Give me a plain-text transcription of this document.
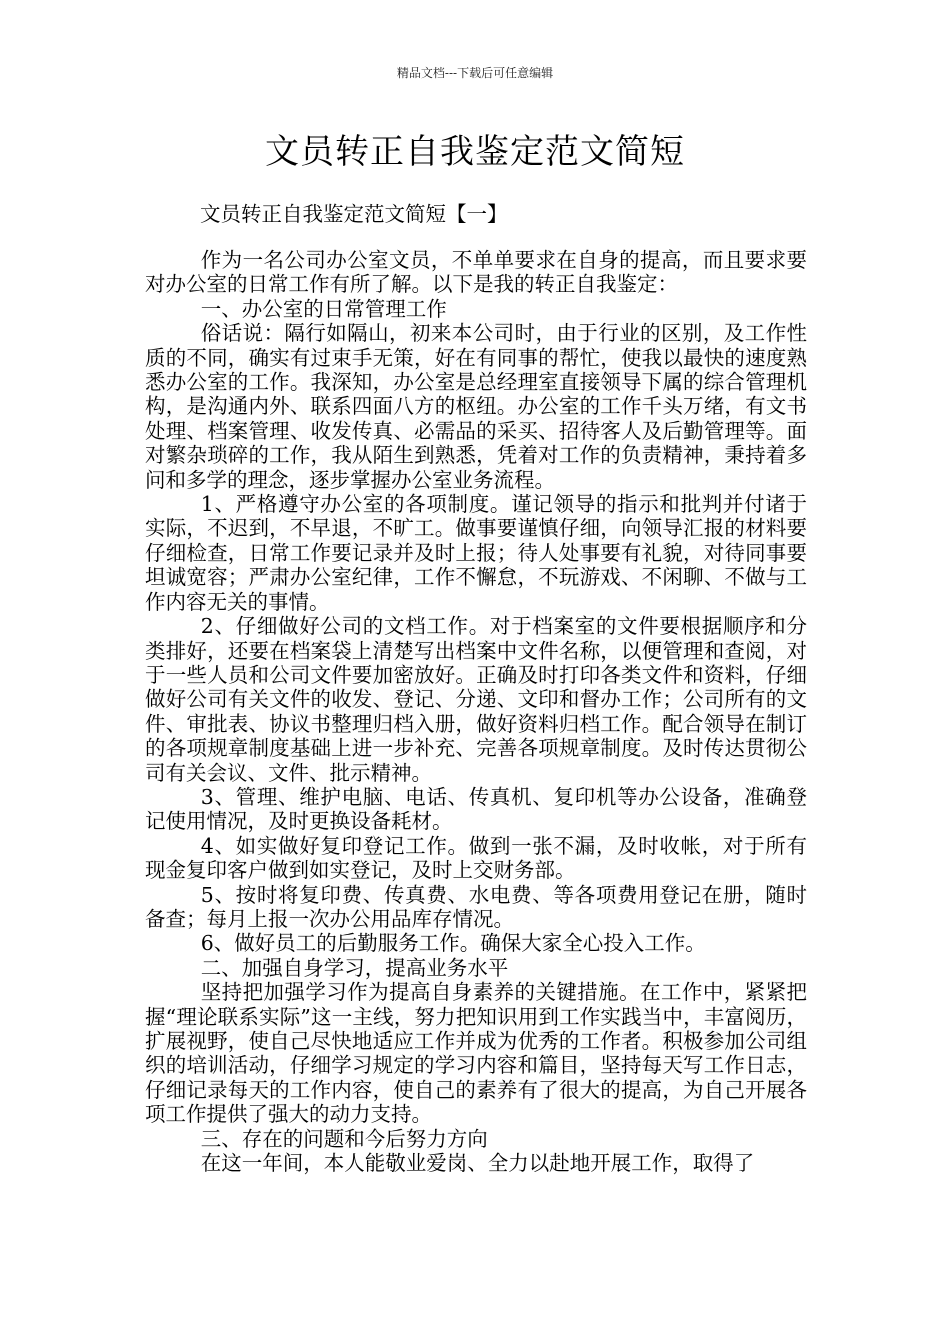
精品文档---下载后可任意编辑
文员转正自我鉴定范文简短
文员转正自我鉴定范文简短【一】

作为一名公司办公室文员，不单单要求在自身的提高，而且要求要对办公室的日常工作有所了解。以下是我的转正自我鉴定：

一、办公室的日常管理工作

俗话说：隔行如隔山，初来本公司时，由于行业的区别，及工作性质的不同，确实有过束手无策，好在有同事的帮忙，使我以最快的速度熟悉办公室的工作。我深知，办公室是总经理室直接领导下属的综合管理机构，是沟通内外、联系四面八方的枢纽。办公室的工作千头万绪，有文书处理、档案管理、收发传真、必需品的采买、招待客人及后勤管理等。面对繁杂琐碎的工作，我从陌生到熟悉，凭着对工作的负责精神，秉持着多问和多学的理念，逐步掌握办公室业务流程。

1、严格遵守办公室的各项制度。谨记领导的指示和批判并付诸于实际，不迟到，不早退，不旷工。做事要谨慎仔细，向领导汇报的材料要仔细检查，日常工作要记录并及时上报；待人处事要有礼貌，对待同事要坦诚宽容；严肃办公室纪律，工作不懈怠，不玩游戏、不闲聊、不做与工作内容无关的事情。

2、仔细做好公司的文档工作。对于档案室的文件要根据顺序和分类排好，还要在档案袋上清楚写出档案中文件名称，以便管理和查阅，对于一些人员和公司文件要加密放好。正确及时打印各类文件和资料，仔细做好公司有关文件的收发、登记、分递、文印和督办工作；公司所有的文件、审批表、协议书整理归档入册，做好资料归档工作。配合领导在制订的各项规章制度基础上进一步补充、完善各项规章制度。及时传达贯彻公司有关会议、文件、批示精神。

3、管理、维护电脑、电话、传真机、复印机等办公设备，准确登记使用情况，及时更换设备耗材。

4、如实做好复印登记工作。做到一张不漏，及时收帐，对于所有现金复印客户做到如实登记，及时上交财务部。

5、按时将复印费、传真费、水电费、等各项费用登记在册，随时备查；每月上报一次办公用品库存情况。

6、做好员工的后勤服务工作。确保大家全心投入工作。

二、加强自身学习，提高业务水平

坚持把加强学习作为提高自身素养的关键措施。在工作中，紧紧把握“理论联系实际”这一主线，努力把知识用到工作实践当中，丰富阅历，扩展视野，使自己尽快地适应工作并成为优秀的工作者。积极参加公司组织的培训活动，仔细学习规定的学习内容和篇目，坚持每天写工作日志，仔细记录每天的工作内容，使自己的素养有了很大的提高，为自己开展各项工作提供了强大的动力支持。

三、存在的问题和今后努力方向

在这一年间，本人能敬业爱岗、全力以赴地开展工作，取得了
